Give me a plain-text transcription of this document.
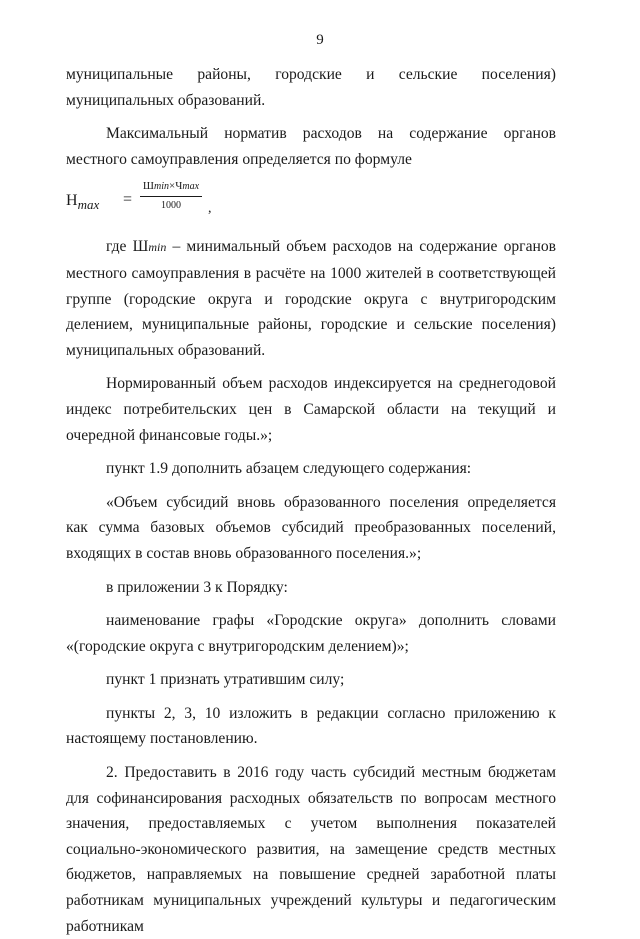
9

муниципальные районы, городские и сельские поселения) муниципальных образований.

Максимальный норматив расходов на содержание органов местного самоуправления определяется по формуле

$Н_{max}$ =
Шmin×Чmax
1000	,

где Шmin – минимальный объем расходов на содержание органов местного самоуправления в расчёте на 1000 жителей в соответствующей группе (городские округа и городские округа с внутригородским делением, муниципальные районы, городские и сельские поселения) муниципальных образований.

Нормированный объем расходов индексируется на среднегодовой индекс потребительских цен в Самарской области на текущий и очередной финансовые годы.»;

пункт 1.9 дополнить абзацем следующего содержания:

«Объем субсидий вновь образованного поселения определяется как сумма базовых объемов субсидий преобразованных поселений, входящих в состав вновь образованного поселения.»;

в приложении 3 к Порядку:

наименование графы «Городские округа» дополнить словами «(городские округа с внутригородским делением)»;

пункт 1 признать утратившим силу;

пункты 2, 3, 10 изложить в редакции согласно приложению к настоящему постановлению.

2. Предоставить в 2016 году часть субсидий местным бюджетам для софинансирования расходных обязательств по вопросам местного значения, предоставляемых с учетом выполнения показателей социально-экономического развития, на замещение средств местных бюджетов, направляемых на повышение средней заработной платы работникам муниципальных учреждений культуры и педагогическим работникам
